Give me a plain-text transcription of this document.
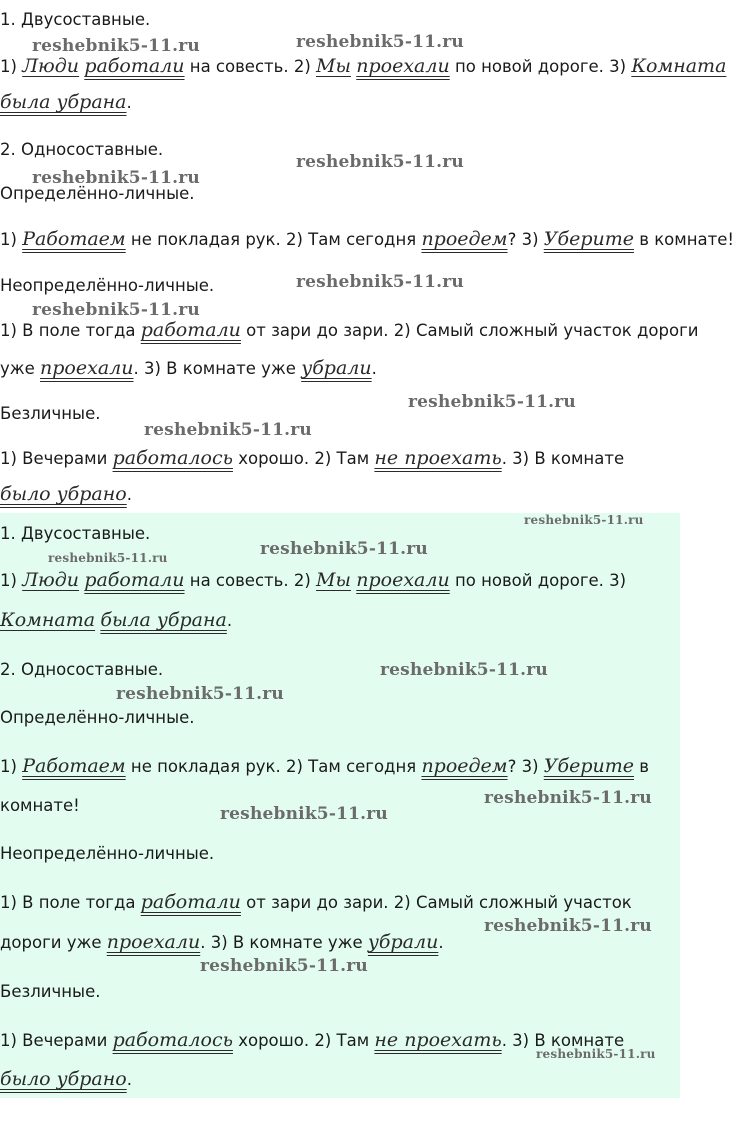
1. Двусоставные.
1) Люди работали на совесть. 2) Мы проехали по новой дороге. 3) Комната
была убрана.
2. Односоставные.
Определённо-личные.
1) Работаем не покладая рук. 2) Там сегодня проедем? 3) Уберите в комнате!
Неопределённо-личные.
1) В поле тогда работали от зари до зари. 2) Самый сложный участок дороги
уже проехали. 3) В комнате уже убрали.
Безличные.
1) Вечерами работалось хорошо. 2) Там не проехать. 3) В комнате
было убрано.
reshebnik5-11.ru	reshebnik5-11.ru
reshebnik5-11.ru
reshebnik5-11.ru
reshebnik5-11.ru
reshebnik5-11.ru
reshebnik5-11.ru
reshebnik5-11.ru
1. Двусоставные.
1) Люди работали на совесть. 2) Мы проехали по новой дороге. 3)
Комната была убрана.
2. Односоставные.
Определённо-личные.
1) Работаем не покладая рук. 2) Там сегодня проедем? 3) Уберите в
комнате!
Неопределённо-личные.
1) В поле тогда работали от зари до зари. 2) Самый сложный участок
дороги уже проехали. 3) В комнате уже убрали.
Безличные.
1) Вечерами работалось хорошо. 2) Там не проехать. 3) В комнате
было убрано.
reshebnik5-11.ru
reshebnik5-11.ru	reshebnik5-11.ru
reshebnik5-11.ru
reshebnik5-11.ru
reshebnik5-11.ru
reshebnik5-11.ru
reshebnik5-11.ru
reshebnik5-11.ru
reshebnik5-11.ru
